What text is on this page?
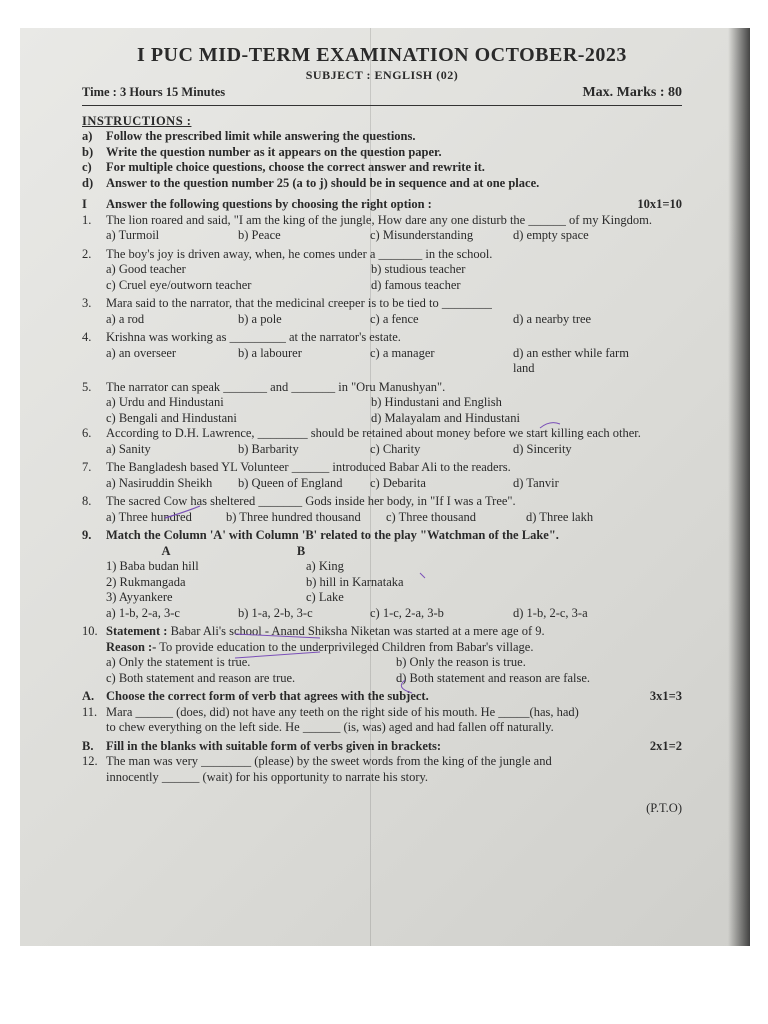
I PUC MID-TERM EXAMINATION OCTOBER-2023
SUBJECT : ENGLISH (02)
Time : 3 Hours 15 Minutes	Max. Marks : 80
INSTRUCTIONS :
a)	Follow the prescribed limit while answering the questions.
b)	Write the question number as it appears on the question paper.
c)	For multiple choice questions, choose the correct answer and rewrite it.
d)	Answer to the question number 25 (a to j) should be in sequence and at one place.
I	Answer the following questions by choosing the right option :	10x1=10
1.	The lion roared and said, "I am the king of the jungle, How dare any one disturb the ______ of my Kingdom.
a) Turmoil	b) Peace	c) Misunderstanding	d) empty space
2.	The boy's joy is driven away, when, he comes under a _______ in the school.
a) Good teacher	b) studious teacher
c) Cruel eye/outworn teacher	d) famous teacher
3.	Mara said to the narrator, that the medicinal creeper is to be tied to ________
a) a rod	b) a pole	c) a fence	d) a nearby tree
4.	Krishna was working as _________ at the narrator's estate.
a) an overseer	b) a labourer	c) a manager	d) an esther while farm land
5.	The narrator can speak _______ and _______ in "Oru Manushyan".
a) Urdu and Hindustani	b) Hindustani and English
c) Bengali and Hindustani	d) Malayalam and Hindustani
6.	According to D.H. Lawrence, ________ should be retained about money before we start killing each other.
a) Sanity	b) Barbarity	c) Charity	d) Sincerity
7.	The Bangladesh based YL Volunteer ______ introduced Babar Ali to the readers.
a) Nasiruddin Sheikh	b) Queen of England	c) Debarita	d) Tanvir
8.	The sacred Cow has sheltered _______ Gods inside her body, in "If I was a Tree".
a) Three hundred	b) Three hundred thousand	c) Three thousand	d) Three lakh
9.	Match the Column 'A' with Column 'B' related to the play "Watchman of the Lake".
A	B
1) Baba budan hill	a) King
2) Rukmangada	b) hill in Karnataka
3) Ayyankere	c) Lake
a) 1-b, 2-a, 3-c	b) 1-a, 2-b, 3-c	c) 1-c, 2-a, 3-b	d) 1-b, 2-c, 3-a
10. Statement : Babar Ali's school - Anand Shiksha Niketan was started at a mere age of 9.
Reason :- To provide education to the underprivileged Children from Babar's village.
a) Only the statement is true.	b) Only the reason is true.
c) Both statement and reason are true.	d) Both statement and reason are false.
A. Choose the correct form of verb that agrees with the subject.	3x1=3
11. Mara ______ (does, did) not have any teeth on the right side of his mouth. He _____(has, had)
to chew everything on the left side. He ______ (is, was) aged and had fallen off naturally.
B.	Fill in the blanks with suitable form of verbs given in brackets:	2x1=2
12. The man was very ________ (please) by the sweet words from the king of the jungle and
innocently ______ (wait) for his opportunity to narrate his story.
(P.T.O)
